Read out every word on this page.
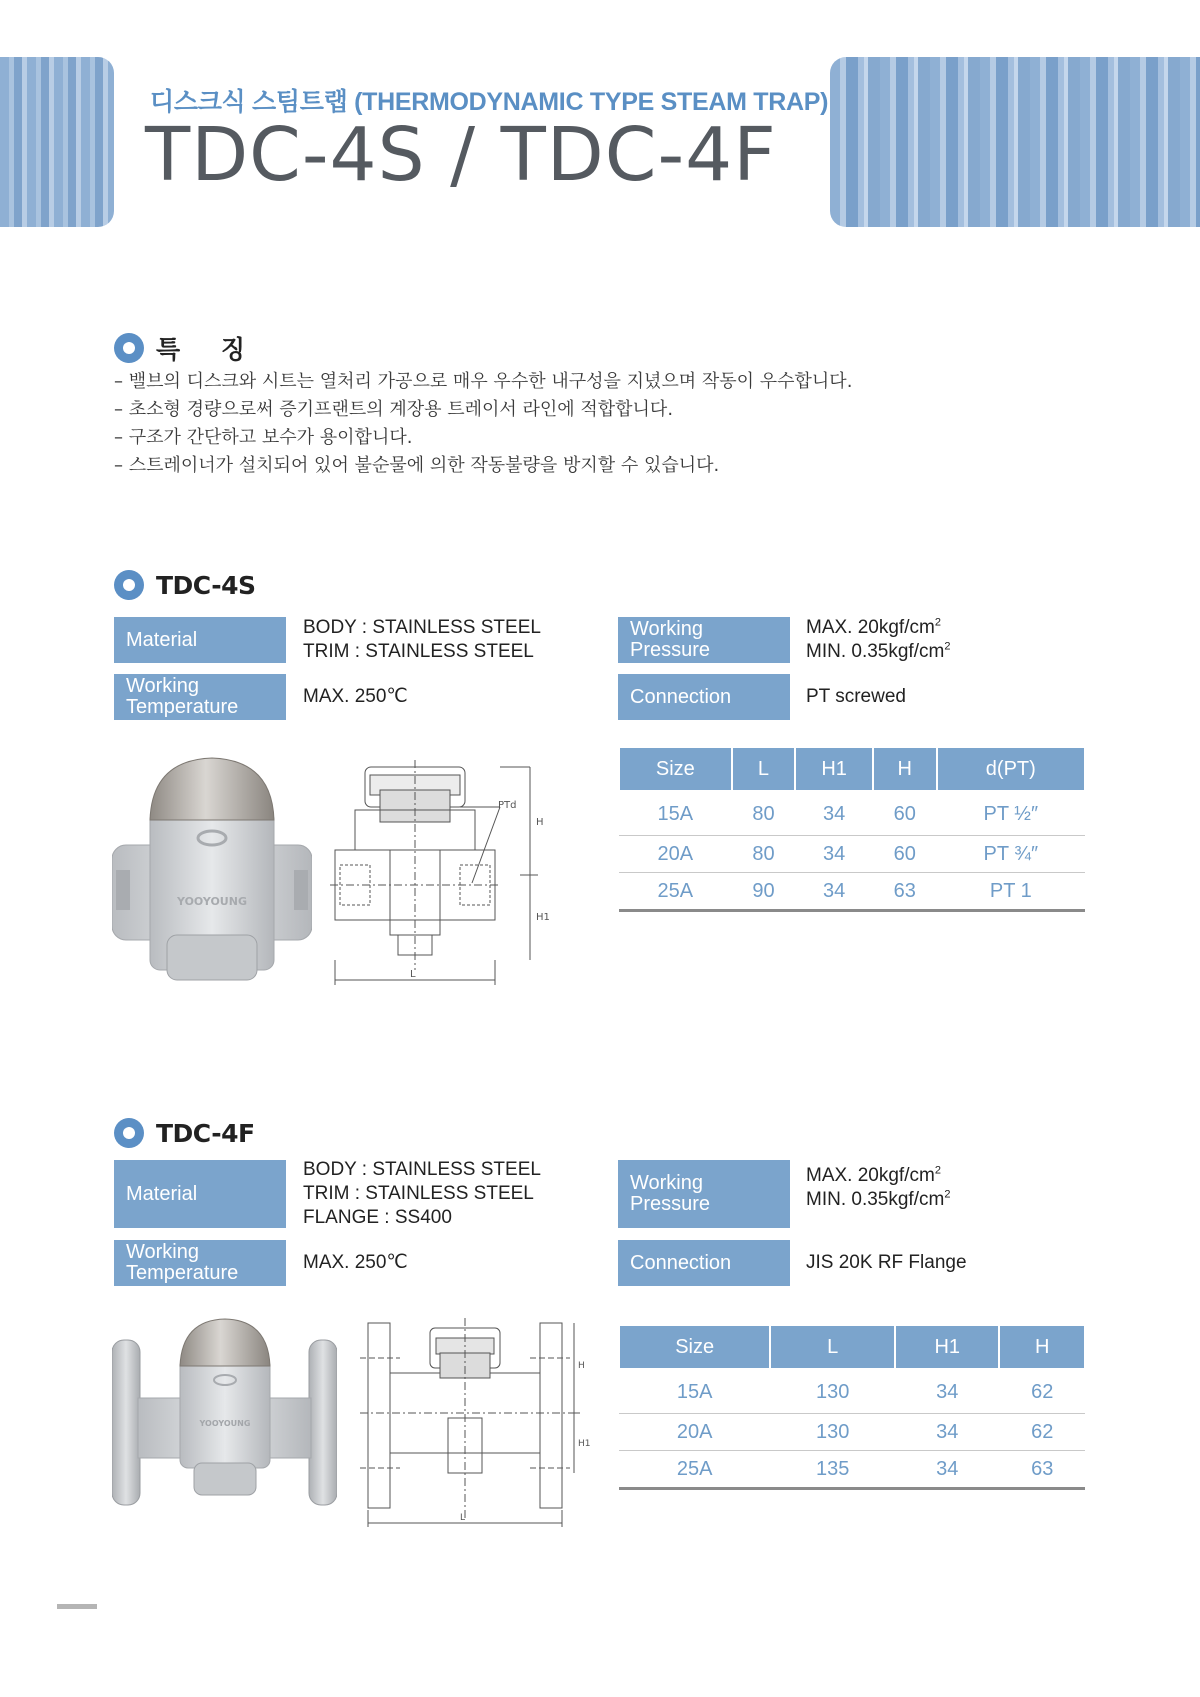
디스크식 스팀트랩 (THERMODYNAMIC TYPE STEAM TRAP)
TDC-4S / TDC-4F
특 징
– 밸브의 디스크와 시트는 열처리 가공으로 매우 우수한 내구성을 지녔으며 작동이 우수합니다.
– 초소형 경량으로써 증기프랜트의 계장용 트레이서 라인에 적합합니다.
– 구조가 간단하고 보수가 용이합니다.
– 스트레이너가 설치되어 있어 불순물에 의한 작동불량을 방지할 수 있습니다.
TDC-4S
Material
BODY : STAINLESS STEEL
TRIM : STAINLESS STEEL
Working
Temperature	MAX. 250℃
Working
Pressure
MAX. $20kgf/cm^2$
MIN. $0.35kgf/cm^2$
Connection	PT screwed
YOOYOUNG
PTd
H
H1
L
Size	L	H1	H	d(PT)
15A	80	34	60	PT ½″
20A	80	34	60	PT ¾″
25A	90	34	63	PT 1
TDC-4F
Material
BODY : STAINLESS STEEL
TRIM : STAINLESS STEEL
FLANGE : SS400
Working
Temperature	MAX. 250℃
Working
Pressure
MAX. $20kgf/cm^2$
MIN. $0.35kgf/cm^2$
Connection	JIS 20K RF Flange
YOOYOUNG
H
H1
L
Size	L	H1	H
15A	130	34	62
20A	130	34	62
25A	135	34	63
